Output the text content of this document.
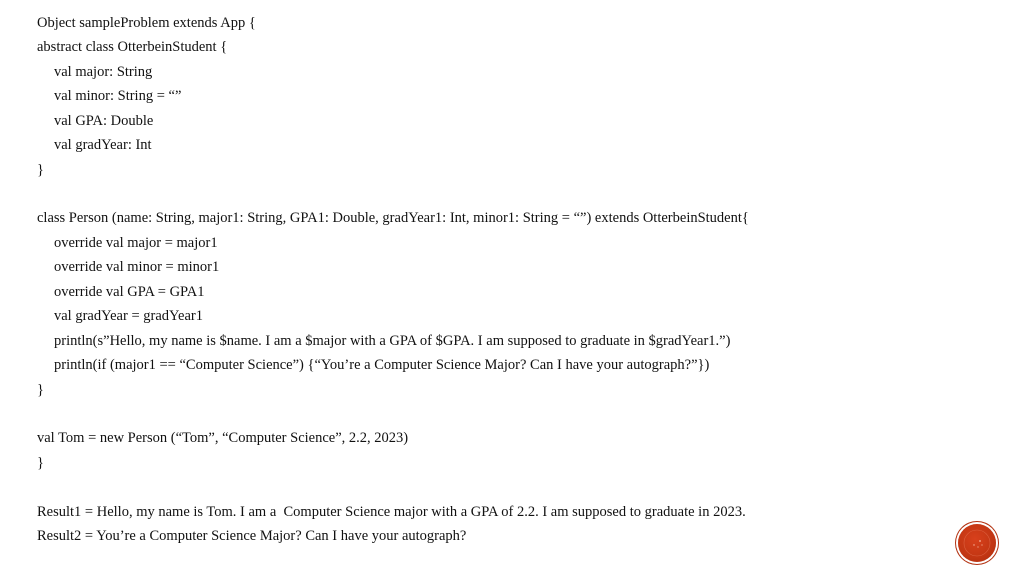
Object sampleProblem extends App {
abstract class OtterbeinStudent {
val major: String
val minor: String = “”
val GPA: Double
val gradYear: Int
}
class Person (name: String, major1: String, GPA1: Double, gradYear1: Int, minor1: String = “”) extends OtterbeinStudent{
override val major = major1
override val minor = minor1
override val GPA = GPA1
val gradYear = gradYear1
println(s”Hello, my name is $name. I am a $major with a GPA of $GPA. I am supposed to graduate in $gradYear1.”)
println(if (major1 == “Computer Science”) {“You’re a Computer Science Major? Can I have your autograph?”})
}
val Tom = new Person (“Tom”, “Computer Science”, 2.2, 2023)
}
Result1 = Hello, my name is Tom. I am a  Computer Science major with a GPA of 2.2. I am supposed to graduate in 2023.
Result2 = You’re a Computer Science Major? Can I have your autograph?
